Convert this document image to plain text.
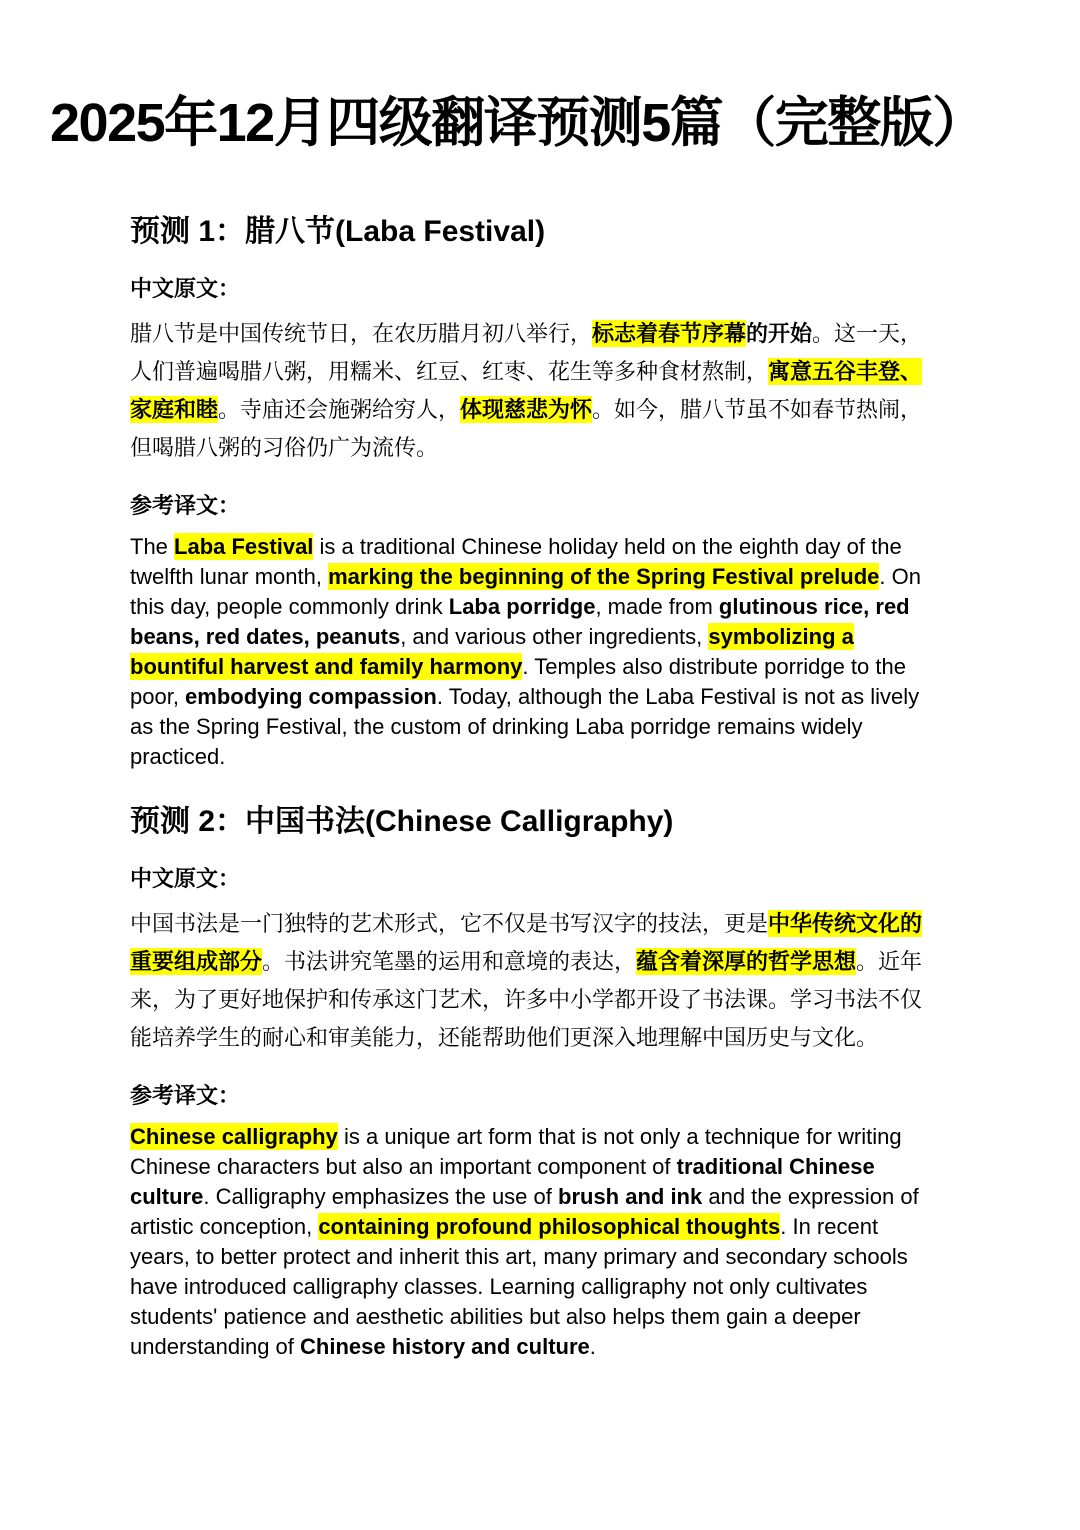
2025年12月四级翻译预测5篇（完整版）
预测 1：腊八节(Laba Festival)
中文原文：

腊八节是中国传统节日，在农历腊月初八举行，标志着春节序幕的开始。这一天，人们普遍喝腊八粥，用糯米、红豆、红枣、花生等多种食材熬制，寓意五谷丰登、家庭和睦。寺庙还会施粥给穷人，体现慈悲为怀。如今，腊八节虽不如春节热闹，但喝腊八粥的习俗仍广为流传。

参考译文：

The Laba Festival is a traditional Chinese holiday held on the eighth day of the twelfth lunar month, marking the beginning of the Spring Festival prelude. On this day, people commonly drink Laba porridge, made from glutinous rice, red beans, red dates, peanuts, and various other ingredients, symbolizing a bountiful harvest and family harmony. Temples also distribute porridge to the poor, embodying compassion. Today, although the Laba Festival is not as lively as the Spring Festival, the custom of drinking Laba porridge remains widely practiced.

预测 2：中国书法(Chinese Calligraphy)
中文原文：

中国书法是一门独特的艺术形式，它不仅是书写汉字的技法，更是中华传统文化的重要组成部分。书法讲究笔墨的运用和意境的表达，蕴含着深厚的哲学思想。近年来，为了更好地保护和传承这门艺术，许多中小学都开设了书法课。学习书法不仅能培养学生的耐心和审美能力，还能帮助他们更深入地理解中国历史与文化。

参考译文：

Chinese calligraphy is a unique art form that is not only a technique for writing Chinese characters but also an important component of traditional Chinese culture. Calligraphy emphasizes the use of brush and ink and the expression of artistic conception, containing profound philosophical thoughts. In recent years, to better protect and inherit this art, many primary and secondary schools have introduced calligraphy classes. Learning calligraphy not only cultivates students' patience and aesthetic abilities but also helps them gain a deeper understanding of Chinese history and culture.
